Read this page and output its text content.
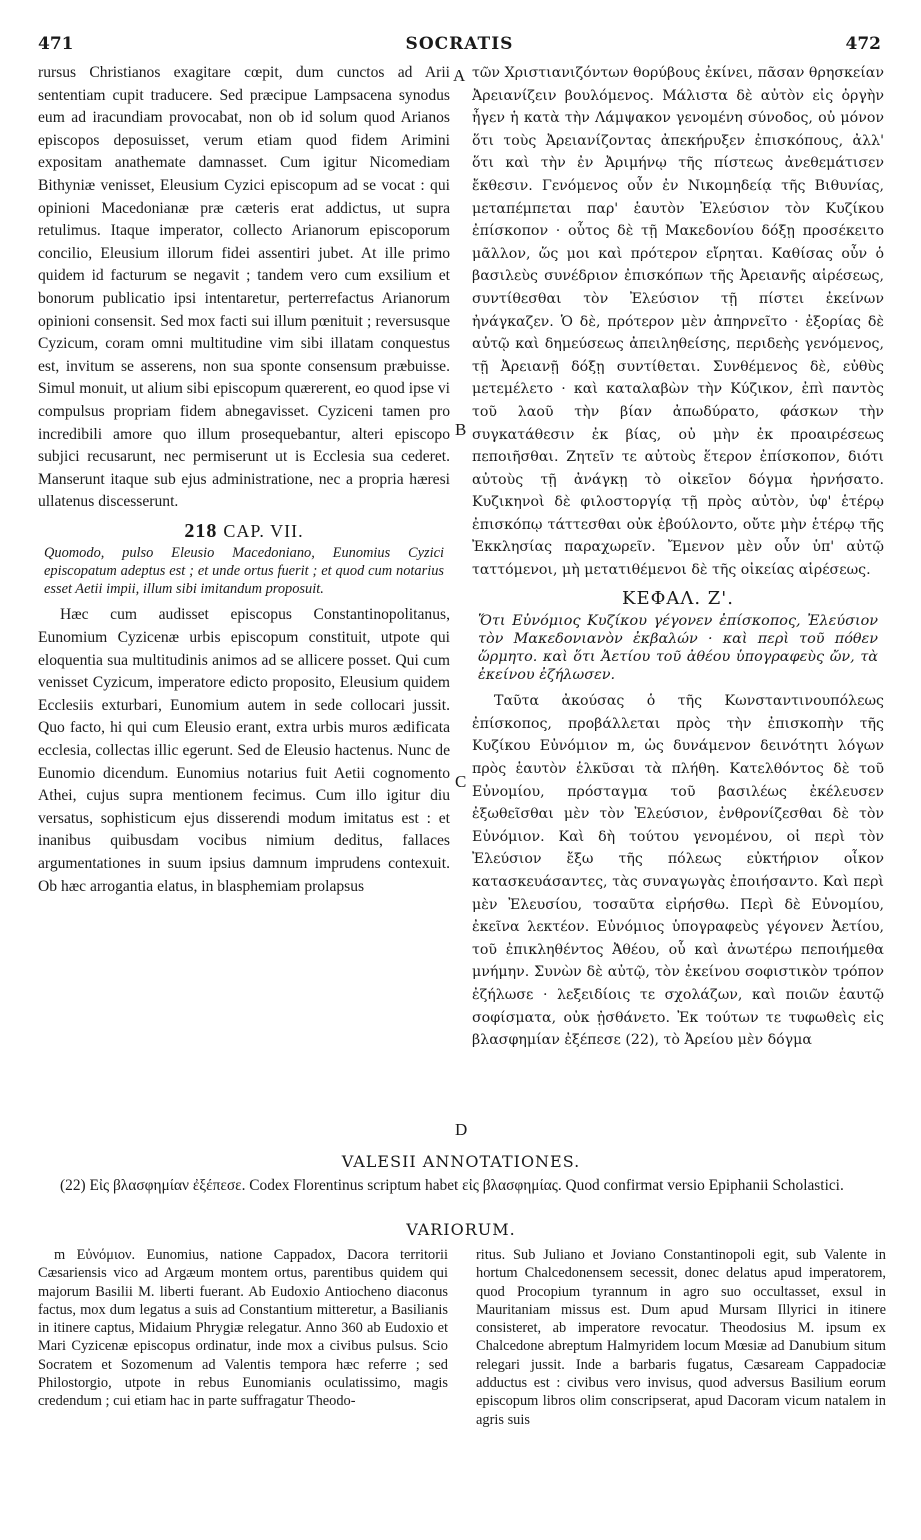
471	SOCRATIS	472

rursus Christianos exagitare cœpit, dum cunctos ad Arii sententiam cupit traducere. Sed præcipue Lampsacena synodus eum ad iracundiam provocabat, non ob id solum quod Arianos episcopos deposuisset, verum etiam quod fidem Arimini expositam anathemate damnasset. Cum igitur Nicomediam Bithyniæ venisset, Eleusium Cyzici episcopum ad se vocat : qui opinioni Macedonianæ præ cæteris erat addictus, ut supra retulimus. Itaque imperator, collecto Arianorum episcoporum concilio, Eleusium illorum fidei assentiri jubet. At ille primo quidem id facturum se negavit ; tandem vero cum exsilium et bonorum publicatio ipsi intentaretur, perterrefactus Arianorum opinioni consensit. Sed mox facti sui illum pœnituit ; reversusque Cyzicum, coram omni multitudine vim sibi illatam conquestus est, invitum se asserens, non sua sponte consensum præbuisse. Simul monuit, ut alium sibi episcopum quærerent, eo quod ipse vi compulsus propriam fidem abnegavisset. Cyziceni tamen pro incredibili amore quo illum prosequebantur, alteri episcopo subjici recusarunt, nec permiserunt ut is Ecclesia sua cederet. Manserunt itaque sub ejus administratione, nec a propria hæresi ullatenus discesserunt.

218 CAP. VII.
Quomodo, pulso Eleusio Macedoniano, Eunomius Cyzici episcopatum adeptus est ; et unde ortus fuerit ; et quod cum notarius esset Aetii impii, illum sibi imitandum proposuit.

Hæc cum audisset episcopus Constantinopolitanus, Eunomium Cyzicenæ urbis episcopum constituit, utpote qui eloquentia sua multitudinis animos ad se allicere posset. Qui cum venisset Cyzicum, imperatore edicto proposito, Eleusium quidem Ecclesiis exturbari, Eunomium autem in sede collocari jussit. Quo facto, hi qui cum Eleusio erant, extra urbis muros ædificata ecclesia, collectas illic egerunt. Sed de Eleusio hactenus. Nunc de Eunomio dicendum. Eunomius notarius fuit Aetii cognomento Athei, cujus supra mentionem fecimus. Cum illo igitur diu versatus, sophisticum ejus disserendi modum imitatus est : et inanibus quibusdam vocibus nimium deditus, fallaces argumentationes in suum ipsius damnum imprudens contexuit. Ob hæc arrogantia elatus, in blasphemiam prolapsus

τῶν Χριστιανιζόντων θορύβους ἐκίνει, πᾶσαν θρησκείαν Ἀρειανίζειν βουλόμενος. Μάλιστα δὲ αὐτὸν εἰς ὀργὴν ἦγεν ἡ κατὰ τὴν Λάμψακον γενομένη σύνοδος, οὐ μόνον ὅτι τοὺς Ἀρειανίζοντας ἀπεκήρυξεν ἐπισκόπους, ἀλλ' ὅτι καὶ τὴν ἐν Ἀριμήνῳ τῆς πίστεως ἀνεθεμάτισεν ἔκθεσιν. Γενόμενος οὖν ἐν Νικομηδείᾳ τῆς Βιθυνίας, μεταπέμπεται παρ' ἑαυτὸν Ἐλεύσιον τὸν Κυζίκου ἐπίσκοπον · οὗτος δὲ τῇ Μακεδονίου δόξῃ προσέκειτο μᾶλλον, ὥς μοι καὶ πρότερον εἴρηται. Καθίσας οὖν ὁ βασιλεὺς συνέδριον ἐπισκόπων τῆς Ἀρειανῆς αἱρέσεως, συντίθεσθαι τὸν Ἐλεύσιον τῇ πίστει ἐκείνων ἠνάγκαζεν. Ὁ δὲ, πρότερον μὲν ἀπηρνεῖτο · ἐξορίας δὲ αὐτῷ καὶ δημεύσεως ἀπειληθείσης, περιδεὴς γενόμενος, τῇ Ἀρειανῇ δόξῃ συντίθεται. Συνθέμενος δὲ, εὐθὺς μετεμέλετο · καὶ καταλαβὼν τὴν Κύζικον, ἐπὶ παντὸς τοῦ λαοῦ τὴν βίαν ἀπωδύρατο, φάσκων τὴν συγκατάθεσιν ἐκ βίας, οὐ μὴν ἐκ προαιρέσεως πεποιῆσθαι. Ζητεῖν τε αὐτοὺς ἕτερον ἐπίσκοπον, διότι αὐτοὺς τῇ ἀνάγκῃ τὸ οἰκεῖον δόγμα ἠρνήσατο. Κυζικηνοὶ δὲ φιλοστοργίᾳ τῇ πρὸς αὐτὸν, ὑφ' ἑτέρῳ ἐπισκόπῳ τάττεσθαι οὐκ ἐβούλοντο, οὔτε μὴν ἑτέρῳ τῆς Ἐκκλησίας παραχωρεῖν. Ἔμενον μὲν οὖν ὑπ' αὐτῷ ταττόμενοι, μὴ μετατιθέμενοι δὲ τῆς οἰκείας αἱρέσεως.

ΚΕΦΑΛ. Ζ'.
Ὅτι Εὐνόμιος Κυζίκου γέγονεν ἐπίσκοπος, Ἐλεύσιον τὸν Μακεδονιανὸν ἐκβαλών · καὶ περὶ τοῦ πόθεν ὥρμητο. καὶ ὅτι Ἀετίου τοῦ ἀθέου ὑπογραφεὺς ὤν, τὰ ἐκείνου ἐζήλωσεν.

Ταῦτα ἀκούσας ὁ τῆς Κωνσταντινουπόλεως ἐπίσκοπος, προβάλλεται πρὸς τὴν ἐπισκοπὴν τῆς Κυζίκου Εὐνόμιον m, ὡς δυνάμενον δεινότητι λόγων πρὸς ἑαυτὸν ἑλκῦσαι τὰ πλήθη. Κατελθόντος δὲ τοῦ Εὐνομίου, πρόσταγμα τοῦ βασιλέως ἐκέλευσεν ἐξωθεῖσθαι μὲν τὸν Ἐλεύσιον, ἐνθρονίζεσθαι δὲ τὸν Εὐνόμιον. Καὶ δὴ τούτου γενομένου, οἱ περὶ τὸν Ἐλεύσιον ἔξω τῆς πόλεως εὐκτήριον οἶκον κατασκευάσαντες, τὰς συναγωγὰς ἐποιήσαντο. Καὶ περὶ μὲν Ἐλευσίου, τοσαῦτα εἰρήσθω. Περὶ δὲ Εὐνομίου, ἐκεῖνα λεκτέον. Εὐνόμιος ὑπογραφεὺς γέγονεν Ἀετίου, τοῦ ἐπικληθέντος Ἀθέου, οὗ καὶ ἀνωτέρω πεποιήμεθα μνήμην. Συνὼν δὲ αὐτῷ, τὸν ἐκείνου σοφιστικὸν τρόπον ἐζήλωσε · λεξειδίοις τε σχολάζων, καὶ ποιῶν ἑαυτῷ σοφίσματα, οὐκ ᾐσθάνετο. Ἐκ τούτων τε τυφωθεὶς εἰς βλασφημίαν ἐξέπεσε (22), τὸ Ἀρείου μὲν δόγμα

A
B
C
D
VALESII ANNOTATIONES.

(22) Εἰς βλασφημίαν ἐξέπεσε. Codex Florentinus scriptum habet εἰς βλασφημίας. Quod confirmat versio Epiphanii Scholastici.

VARIORUM.

m Εὐνόμιον. Eunomius, natione Cappadox, Dacora territorii Cæsariensis vico ad Argæum montem ortus, parentibus quidem qui majorum Basilii M. liberti fuerant. Ab Eudoxio Antiocheno diaconus factus, mox dum legatus a suis ad Constantium mitteretur, a Basilianis in itinere captus, Midaium Phrygiæ relegatur. Anno 360 ab Eudoxio et Mari Cyzicenæ episcopus ordinatur, inde mox a civibus pulsus. Scio Socratem et Sozomenum ad Valentis tempora hæc referre ; sed Philostorgio, utpote in rebus Eunomianis oculatissimo, magis credendum ; cui etiam hac in parte suffragatur Theodo-

ritus. Sub Juliano et Joviano Constantinopoli egit, sub Valente in hortum Chalcedonensem secessit, donec delatus apud imperatorem, quod Procopium tyrannum in agro suo occultasset, exsul in Mauritaniam missus est. Dum apud Mursam Illyrici in itinere consisteret, ab imperatore revocatur. Theodosius M. ipsum ex Chalcedone abreptum Halmyridem locum Mœsiæ ad Danubium situm relegari jussit. Inde a barbaris fugatus, Cæsaream Cappadociæ adductus est : civibus vero invisus, quod adversus Basilium eorum episcopum libros olim conscripserat, apud Dacoram vicum natalem in agris suis
